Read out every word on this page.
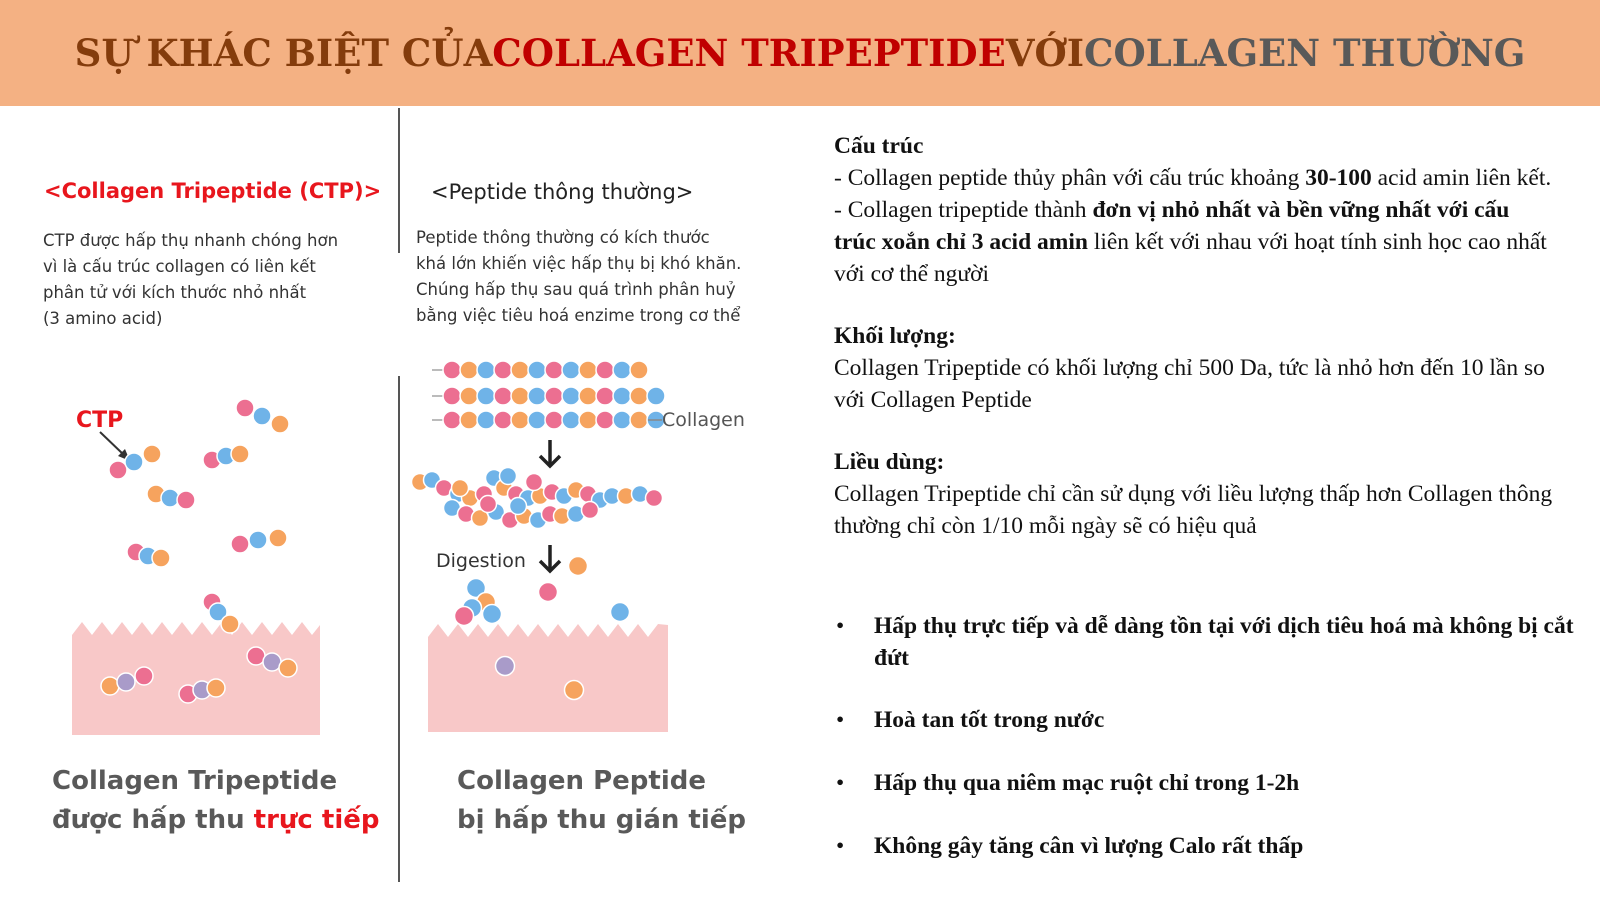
SỰ KHÁC BIỆT CỦA COLLAGEN TRIPEPTIDE VỚI COLLAGEN THƯỜNG
<Collagen Tripeptide (CTP)>
CTP được hấp thụ nhanh chóng hơn
vì là cấu trúc collagen có liên kết
phân tử với kích thước nhỏ nhất
(3 amino acid)
CTP
Collagen Tripeptide
được hấp thu trực tiếp
<Peptide thông thường>
Peptide thông thường có kích thước
khá lớn khiến việc hấp thụ bị khó khăn.
Chúng hấp thụ sau quá trình phân huỷ
bằng việc tiêu hoá enzime trong cơ thể
Collagen
Digestion
Collagen Peptide
bị hấp thu gián tiếp

Cấu trúc

- Collagen peptide thủy phân với cấu trúc khoảng 30-100 acid amin liên kết.

- Collagen tripeptide thành đơn vị nhỏ nhất và bền vững nhất với cấu trúc xoắn chỉ 3 acid amin liên kết với nhau với hoạt tính sinh học cao nhất với cơ thể người

Khối lượng:

Collagen Tripeptide có khối lượng chỉ 500 Da, tức là nhỏ hơn đến 10 lần so với Collagen Peptide

Liều dùng:

Collagen Tripeptide chỉ cần sử dụng với liều lượng thấp hơn Collagen thông thường chỉ còn 1/10 mỗi ngày sẽ có hiệu quả

• Hấp thụ trực tiếp và dễ dàng tồn tại với dịch tiêu hoá mà không bị cắt đứt
• Hoà tan tốt trong nước
• Hấp thụ qua niêm mạc ruột chỉ trong 1-2h
• Không gây tăng cân vì lượng Calo rất thấp
